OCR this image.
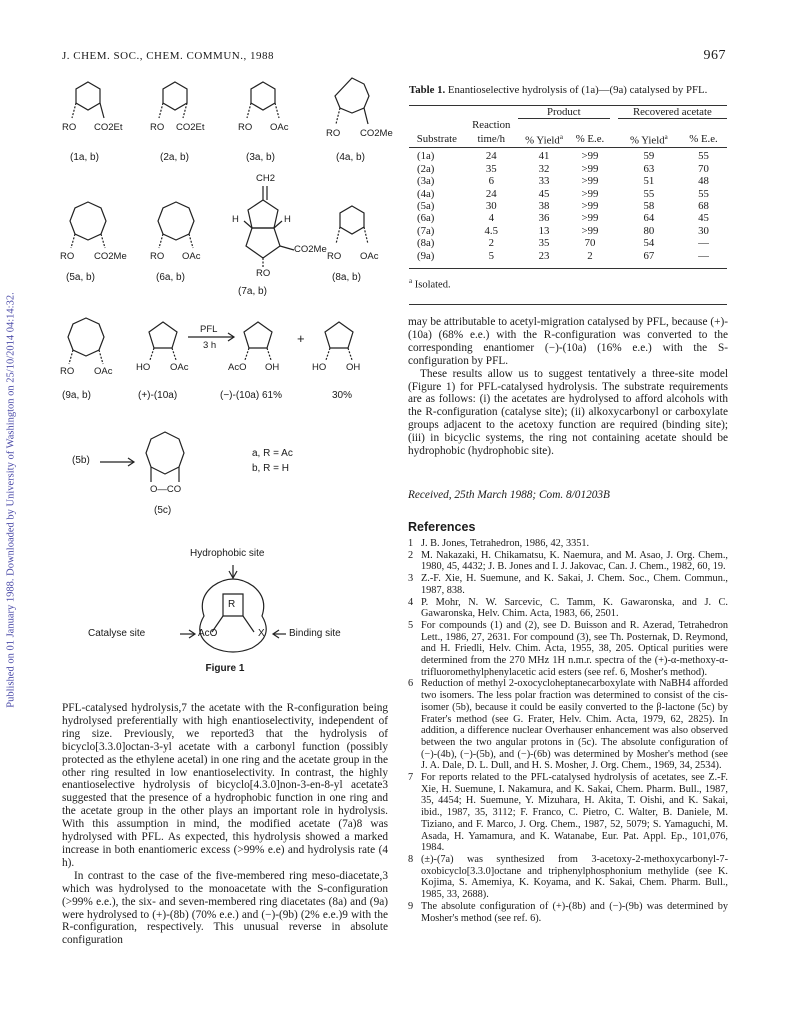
Published on 01 January 1988. Downloaded by University of Washington on 25/10/2014 04:14:32.
J. CHEM. SOC., CHEM. COMMUN., 1988	967
RO CO2Et
(1a, b)
RO CO2Et
(2a, b)
RO OAc
(3a, b)
RO CO2Me
(4a, b)
RO CO2Me
(5a, b)
RO OAc
(6a, b)
CH2
H	H
CO2Me
RO
(7a, b)
RO OAc
(8a, b)
RO OAc
(9a, b)
HO OAc
(+)-(10a)
PFL
3 h
AcO OH
(−)-(10a) 61%
+
HO OH
30%
(5b)
O—CO
(5c)
a, R = Ac
b, R = H
Hydrophobic site
Catalyse site	Binding site
R
AcO	X
Figure 1
Table 1. Enantioselective hydrolysis of (1a)—(9a) catalysed by PFL.
		Product			Recovered acetate	
	Reaction					
Substrate	time/h	% Yield$^a$	% E.e.		% Yield$^a$	% E.e.

(1a)	24	41	>99		59	55
(2a)	35	32	>99		63	70
(3a)	6	33	>99		51	48
(4a)	24	45	>99		55	55
(5a)	30	38	>99		58	68
(6a)	4	36	>99		64	45
(7a)	4.5	13	>99		80	30
(8a)	2	35	70		54	—
(9a)	5	23	2		67	—
$^a$ Isolated.

PFL-catalysed hydrolysis,7 the acetate with the R-configuration being hydrolysed preferentially with high enantioselectivity, independent of ring size. Previously, we reported3 that the hydrolysis of bicyclo[3.3.0]octan-3-yl acetate with a carbonyl function (possibly protected as the ethylene acetal) in one ring and the acetate group in the other ring resulted in low enantioselectivity. In contrast, the highly enantioselective hydrolysis of bicyclo[4.3.0]non-3-en-8-yl acetate3 suggested that the presence of a hydrophobic function in one ring and the acetate group in the other plays an important role in hydrolysis. With this assumption in mind, the modified acetate (7a)8 was hydrolysed with PFL. As expected, this hydrolysis showed a marked increase in both enantiomeric excess (>99% e.e) and hydrolysis rate (4 h).

In contrast to the case of the five-membered ring meso-diacetate,3 which was hydrolysed to the monoacetate with the S-configuration (>99% e.e.), the six- and seven-membered ring diacetates (8a) and (9a) were hydrolysed to (+)-(8b) (70% e.e.) and (−)-(9b) (2% e.e.)9 with the R-configuration, respectively. This unusual reverse in absolute configuration

may be attributable to acetyl-migration catalysed by PFL, because (+)-(10a) (68% e.e.) with the R-configuration was converted to the corresponding enantiomer (−)-(10a) (16% e.e.) with the S-configuration by PFL.

These results allow us to suggest tentatively a three-site model (Figure 1) for PFL-catalysed hydrolysis. The substrate requirements are as follows: (i) the acetates are hydrolysed to afford alcohols with the R-configuration (catalyse site); (ii) alkoxycarbonyl or carboxylate groups adjacent to the acetoxy function are required (binding site); (iii) in bicyclic systems, the ring not containing acetate should be hydrophobic (hydrophobic site).

Received, 25th March 1988; Com. 8/01203B
References
1 J. B. Jones, Tetrahedron, 1986, 42, 3351.
2 M. Nakazaki, H. Chikamatsu, K. Naemura, and M. Asao, J. Org. Chem., 1980, 45, 4432; J. B. Jones and I. J. Jakovac, Can. J. Chem., 1982, 60, 19.
3 Z.-F. Xie, H. Suemune, and K. Sakai, J. Chem. Soc., Chem. Commun., 1987, 838.
4 P. Mohr, N. W. Sarcevic, C. Tamm, K. Gawaronska, and J. C. Gawaronska, Helv. Chim. Acta, 1983, 66, 2501.
5 For compounds (1) and (2), see D. Buisson and R. Azerad, Tetrahedron Lett., 1986, 27, 2631. For compound (3), see Th. Posternak, D. Reymond, and H. Friedli, Helv. Chim. Acta, 1955, 38, 205. Optical purities were determined from the 270 MHz 1H n.m.r. spectra of the (+)-α-methoxy-α-trifluoromethylphenylacetic acid esters (see ref. 6, Mosher's method).
6 Reduction of methyl 2-oxocycloheptanecarboxylate with NaBH4 afforded two isomers. The less polar fraction was determined to consist of the cis-isomer (5b), because it could be easily converted to the β-lactone (5c) by Frater's method (see G. Frater, Helv. Chim. Acta, 1979, 62, 2825). In addition, a difference nuclear Overhauser enhancement was also observed between the two angular protons in (5c). The absolute configuration of (−)-(4b), (−)-(5b), and (−)-(6b) was determined by Mosher's method (see J. A. Dale, D. L. Dull, and H. S. Mosher, J. Org. Chem., 1969, 34, 2534).
7 For reports related to the PFL-catalysed hydrolysis of acetates, see Z.-F. Xie, H. Suemune, I. Nakamura, and K. Sakai, Chem. Pharm. Bull., 1987, 35, 4454; H. Suemune, Y. Mizuhara, H. Akita, T. Oishi, and K. Sakai, ibid., 1987, 35, 3112; F. Franco, C. Pietro, C. Walter, B. Daniele, M. Tiziano, and F. Marco, J. Org. Chem., 1987, 52, 5079; S. Yamaguchi, M. Asada, H. Yamamura, and K. Watanabe, Eur. Pat. Appl. Ep., 101,076, 1984.
8 (±)-(7a) was synthesized from 3-acetoxy-2-methoxycarbonyl-7-oxobicyclo[3.3.0]octane and triphenylphosphonium methylide (see K. Kojima, S. Amemiya, K. Koyama, and K. Sakai, Chem. Pharm. Bull., 1985, 33, 2688).
9 The absolute configuration of (+)-(8b) and (−)-(9b) was determined by Mosher's method (see ref. 6).
